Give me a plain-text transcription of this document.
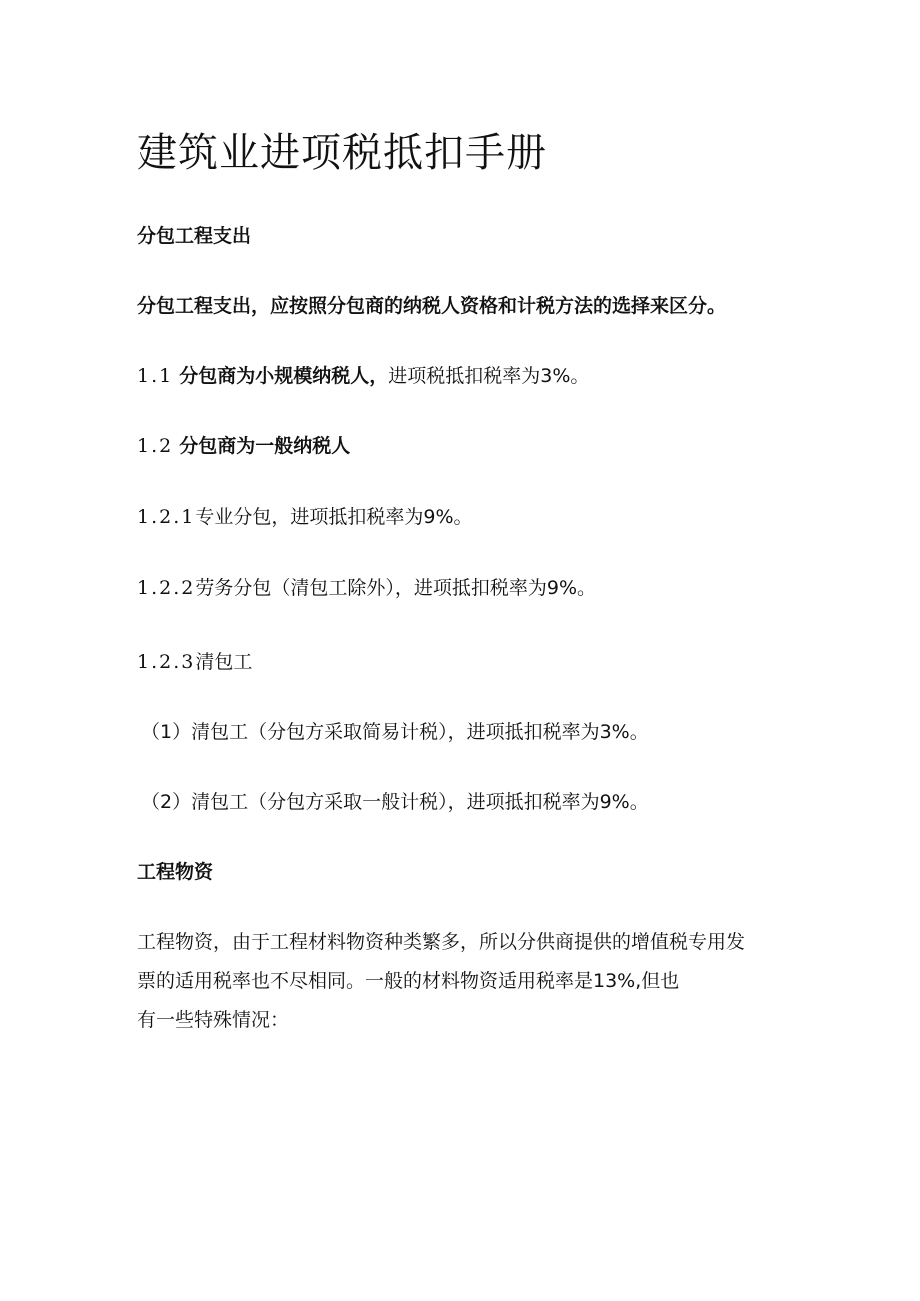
建筑业进项税抵扣手册
分包工程支出
分包工程支出，应按照分包商的纳税人资格和计税方法的选择来区分。
1.1 分包商为小规模纳税人，进项税抵扣税率为3%。
1.2 分包商为一般纳税人
1.2.1专业分包，进项抵扣税率为9%。
1.2.2劳务分包（清包工除外），进项抵扣税率为9%。
1.2.3清包工
（1）清包工（分包方采取简易计税），进项抵扣税率为3%。
（2）清包工（分包方采取一般计税），进项抵扣税率为9%。
工程物资
工程物资，由于工程材料物资种类繁多，所以分供商提供的增值税专用发
票的适用税率也不尽相同。一般的材料物资适用税率是13%,但也
有一些特殊情况：
